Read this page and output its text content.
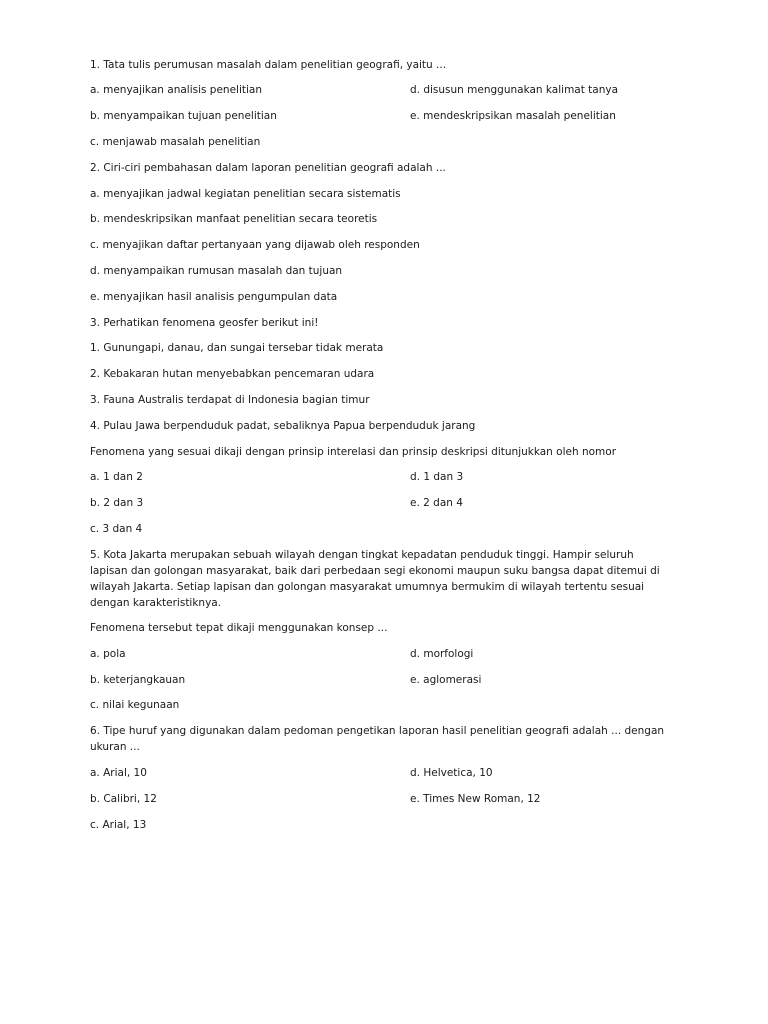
1. Tata tulis perumusan masalah dalam penelitian geografi, yaitu ...
a. menyajikan analisis penelitian	d. disusun menggunakan kalimat tanya
b. menyampaikan tujuan penelitian	e. mendeskripsikan masalah penelitian
c. menjawab masalah penelitian
2. Ciri-ciri pembahasan dalam laporan penelitian geografi adalah ...
a. menyajikan jadwal kegiatan penelitian secara sistematis
b. mendeskripsikan manfaat penelitian secara teoretis
c. menyajikan daftar pertanyaan yang dijawab oleh responden
d. menyampaikan rumusan masalah dan tujuan
e. menyajikan hasil analisis pengumpulan data
3. Perhatikan fenomena geosfer berikut ini!
1. Gunungapi, danau, dan sungai tersebar tidak merata
2. Kebakaran hutan menyebabkan pencemaran udara
3. Fauna Australis terdapat di Indonesia bagian timur
4. Pulau Jawa berpenduduk padat, sebaliknya Papua berpenduduk jarang
Fenomena yang sesuai dikaji dengan prinsip interelasi dan prinsip deskripsi ditunjukkan oleh nomor
a. 1 dan 2	d. 1 dan 3
b. 2 dan 3	e. 2 dan 4
c. 3 dan 4
5. Kota Jakarta merupakan sebuah wilayah dengan tingkat kepadatan penduduk tinggi. Hampir seluruh lapisan dan golongan masyarakat, baik dari perbedaan segi ekonomi maupun suku bangsa dapat ditemui di wilayah Jakarta. Setiap lapisan dan golongan masyarakat umumnya bermukim di wilayah tertentu sesuai dengan karakteristiknya.
Fenomena tersebut tepat dikaji menggunakan konsep ...
a. pola	d. morfologi
b. keterjangkauan	e. aglomerasi
c. nilai kegunaan
6. Tipe huruf yang digunakan dalam pedoman pengetikan laporan hasil penelitian geografi adalah ... dengan ukuran ...
a. Arial, 10	d. Helvetica, 10
b. Calibri, 12	e. Times New Roman, 12
c. Arial, 13
